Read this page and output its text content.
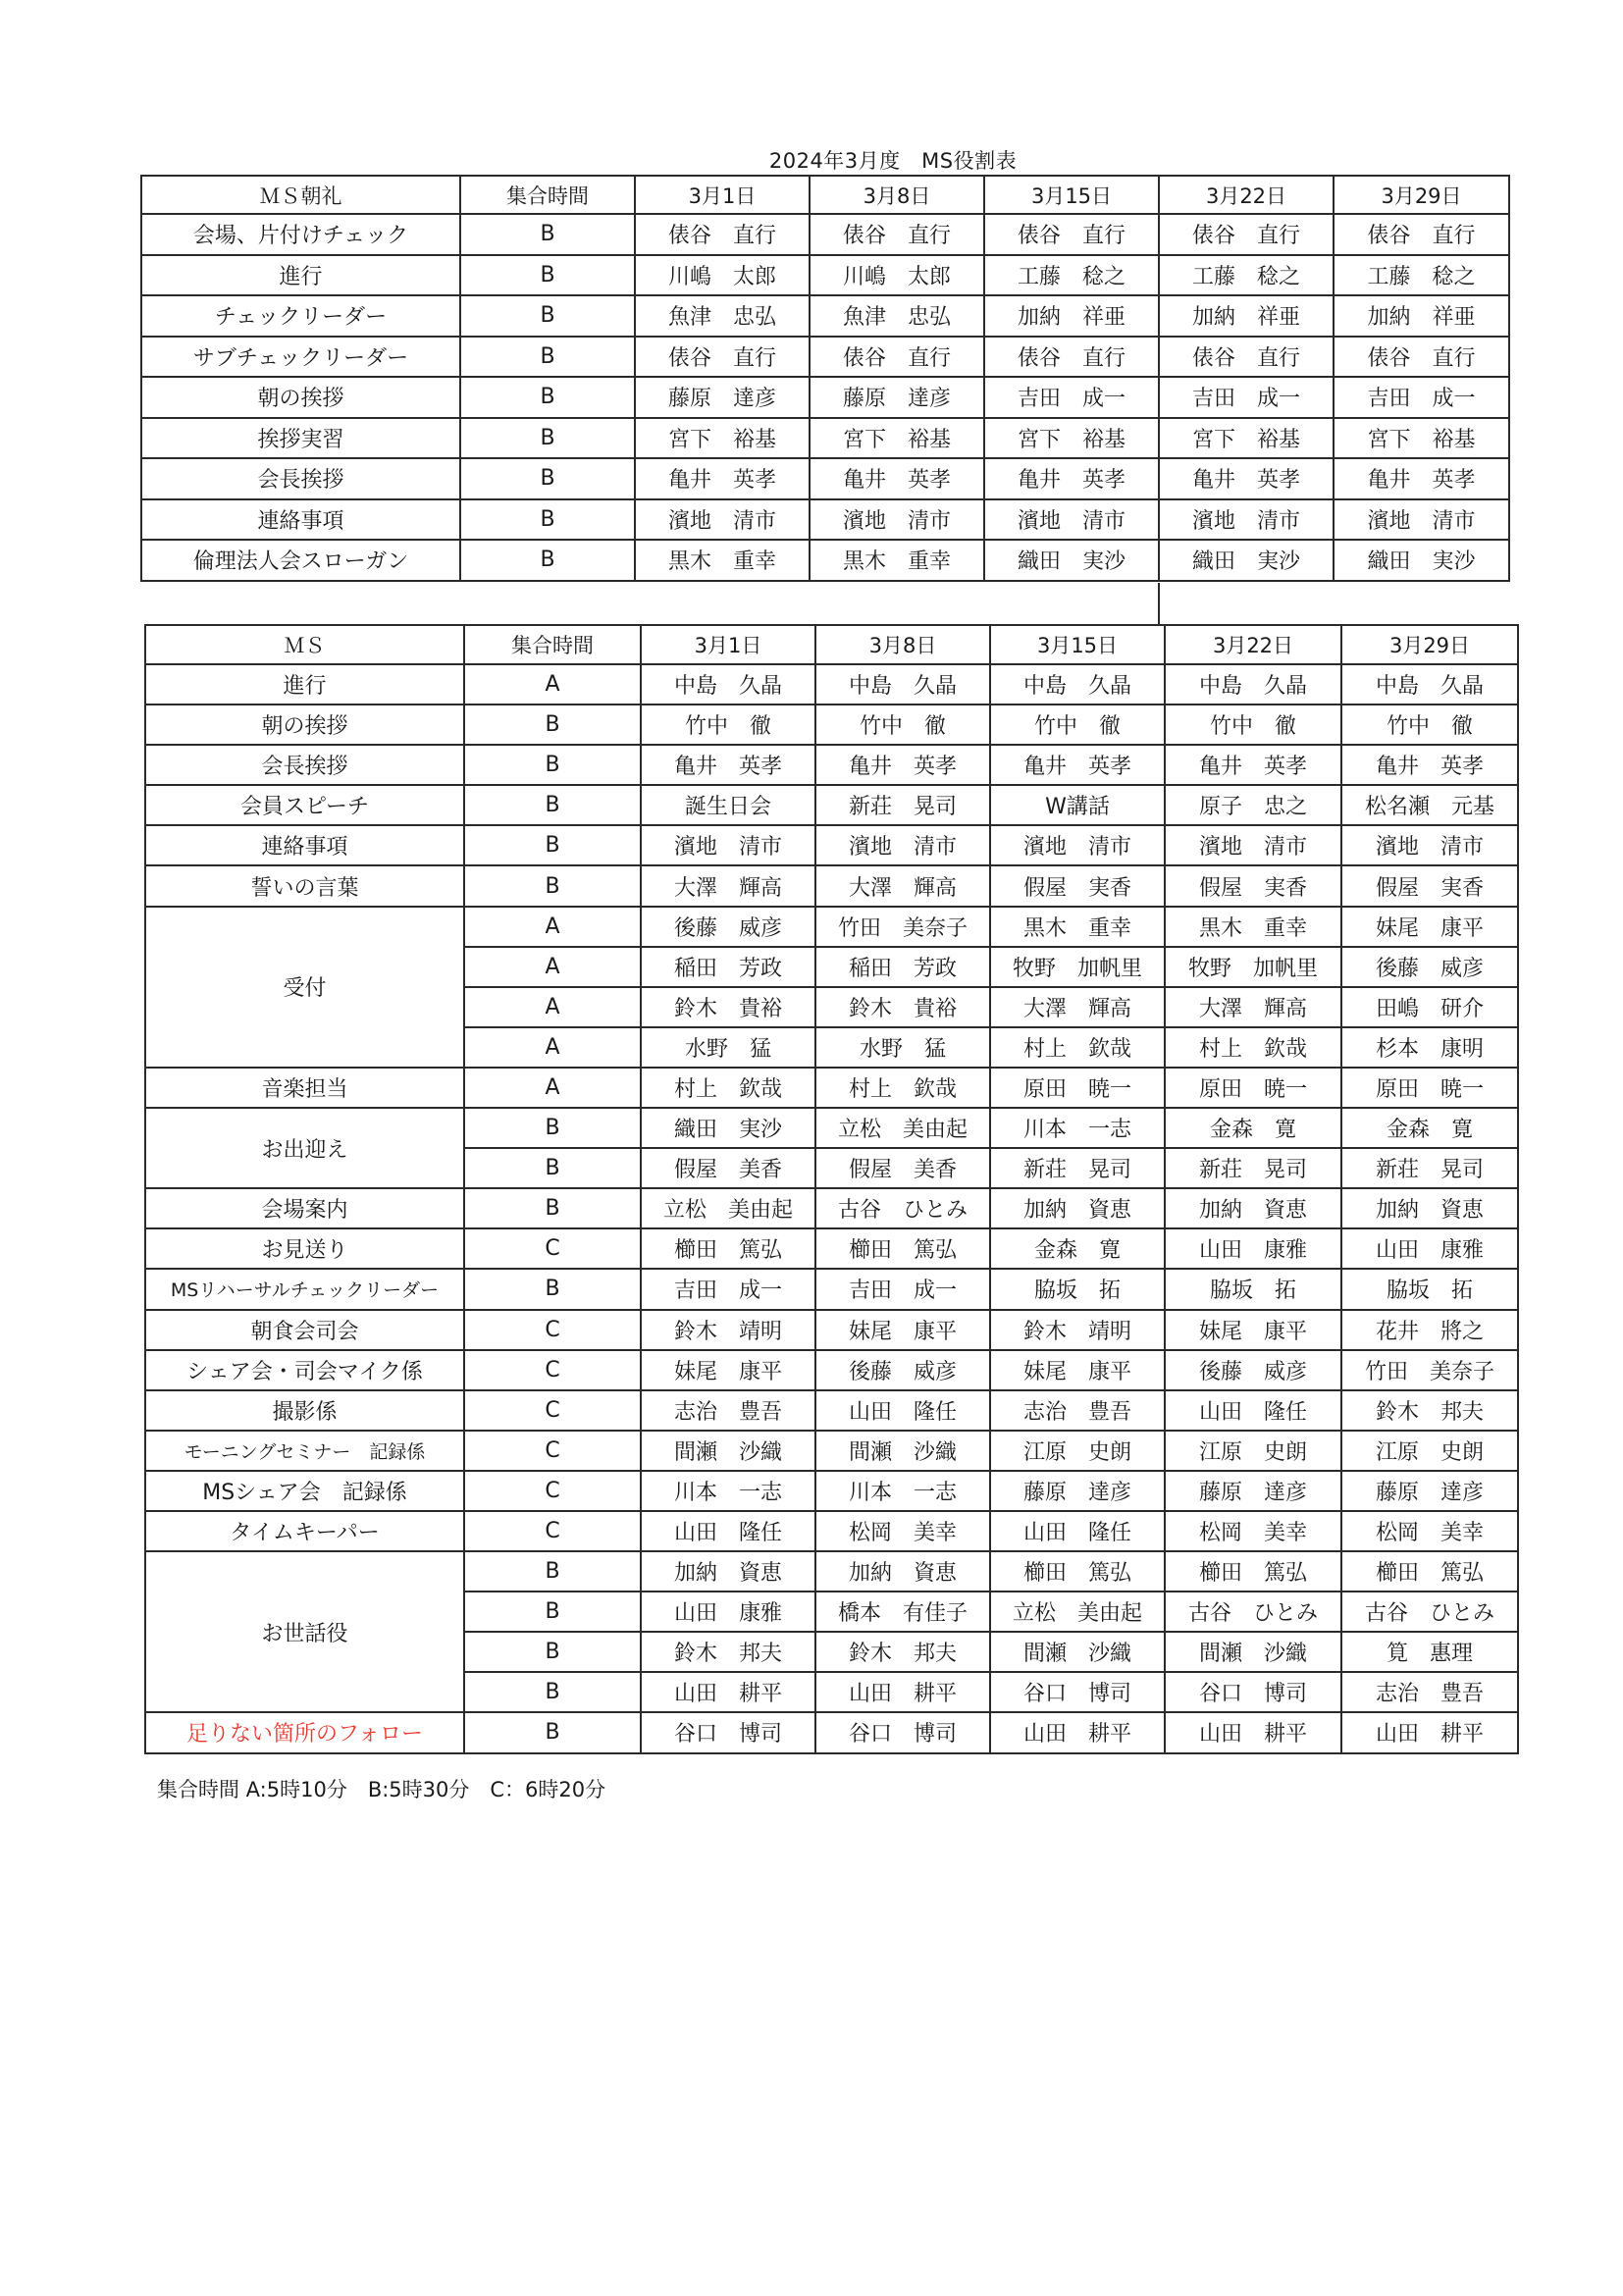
2024年3月度　MS役割表
ＭＳ朝礼	集合時間	3月1日	3月8日	3月15日	3月22日	3月29日
会場、片付けチェック	B	俵谷　直行	俵谷　直行	俵谷　直行	俵谷　直行	俵谷　直行
進行	B	川嶋　太郎	川嶋　太郎	工藤　稔之	工藤　稔之	工藤　稔之
チェックリーダー	B	魚津　忠弘	魚津　忠弘	加納　祥亜	加納　祥亜	加納　祥亜
サブチェックリーダー	B	俵谷　直行	俵谷　直行	俵谷　直行	俵谷　直行	俵谷　直行
朝の挨拶	B	藤原　達彦	藤原　達彦	吉田　成一	吉田　成一	吉田　成一
挨拶実習	B	宮下　裕基	宮下　裕基	宮下　裕基	宮下　裕基	宮下　裕基
会長挨拶	B	亀井　英孝	亀井　英孝	亀井　英孝	亀井　英孝	亀井　英孝
連絡事項	B	濱地　清市	濱地　清市	濱地　清市	濱地　清市	濱地　清市
倫理法人会スローガン	B	黒木　重幸	黒木　重幸	織田　実沙	織田　実沙	織田　実沙
ＭＳ	集合時間	3月1日	3月8日	3月15日	3月22日	3月29日
進行	A	中島　久晶	中島　久晶	中島　久晶	中島　久晶	中島　久晶
朝の挨拶	B	竹中　徹	竹中　徹	竹中　徹	竹中　徹	竹中　徹
会長挨拶	B	亀井　英孝	亀井　英孝	亀井　英孝	亀井　英孝	亀井　英孝
会員スピーチ	B	誕生日会	新荘　晃司	W講話	原子　忠之	松名瀬　元基
連絡事項	B	濱地　清市	濱地　清市	濱地　清市	濱地　清市	濱地　清市
誓いの言葉	B	大澤　輝高	大澤　輝高	假屋　実香	假屋　実香	假屋　実香
受付	A	後藤　威彦	竹田　美奈子	黒木　重幸	黒木　重幸	妹尾　康平
	A	稲田　芳政	稲田　芳政	牧野　加帆里	牧野　加帆里	後藤　威彦
	A	鈴木　貴裕	鈴木　貴裕	大澤　輝高	大澤　輝高	田嶋　研介
	A	水野　猛	水野　猛	村上　欽哉	村上　欽哉	杉本　康明
音楽担当	A	村上　欽哉	村上　欽哉	原田　暁一	原田　暁一	原田　暁一
お出迎え	B	織田　実沙	立松　美由起	川本　一志	金森　寛	金森　寛
	B	假屋　美香	假屋　美香	新荘　晃司	新荘　晃司	新荘　晃司
会場案内	B	立松　美由起	古谷　ひとみ	加納　資恵	加納　資恵	加納　資恵
お見送り	C	櫛田　篤弘	櫛田　篤弘	金森　寛	山田　康雅	山田　康雅
MSリハーサルチェックリーダー	B	吉田　成一	吉田　成一	脇坂　拓	脇坂　拓	脇坂　拓
朝食会司会	C	鈴木　靖明	妹尾　康平	鈴木　靖明	妹尾　康平	花井　將之
シェア会・司会マイク係	C	妹尾　康平	後藤　威彦	妹尾　康平	後藤　威彦	竹田　美奈子
撮影係	C	志治　豊吾	山田　隆任	志治　豊吾	山田　隆任	鈴木　邦夫
モーニングセミナー　記録係	C	間瀬　沙織	間瀬　沙織	江原　史朗	江原　史朗	江原　史朗
MSシェア会　記録係	C	川本　一志	川本　一志	藤原　達彦	藤原　達彦	藤原　達彦
タイムキーパー	C	山田　隆任	松岡　美幸	山田　隆任	松岡　美幸	松岡　美幸
お世話役	B	加納　資恵	加納　資恵	櫛田　篤弘	櫛田　篤弘	櫛田　篤弘
	B	山田　康雅	橋本　有佳子	立松　美由起	古谷　ひとみ	古谷　ひとみ
	B	鈴木　邦夫	鈴木　邦夫	間瀬　沙織	間瀬　沙織	筧　惠理
	B	山田　耕平	山田　耕平	谷口　博司	谷口　博司	志治　豊吾
足りない箇所のフォロー	B	谷口　博司	谷口　博司	山田　耕平	山田　耕平	山田　耕平
集合時間 A:5時10分　B:5時30分　C：6時20分
